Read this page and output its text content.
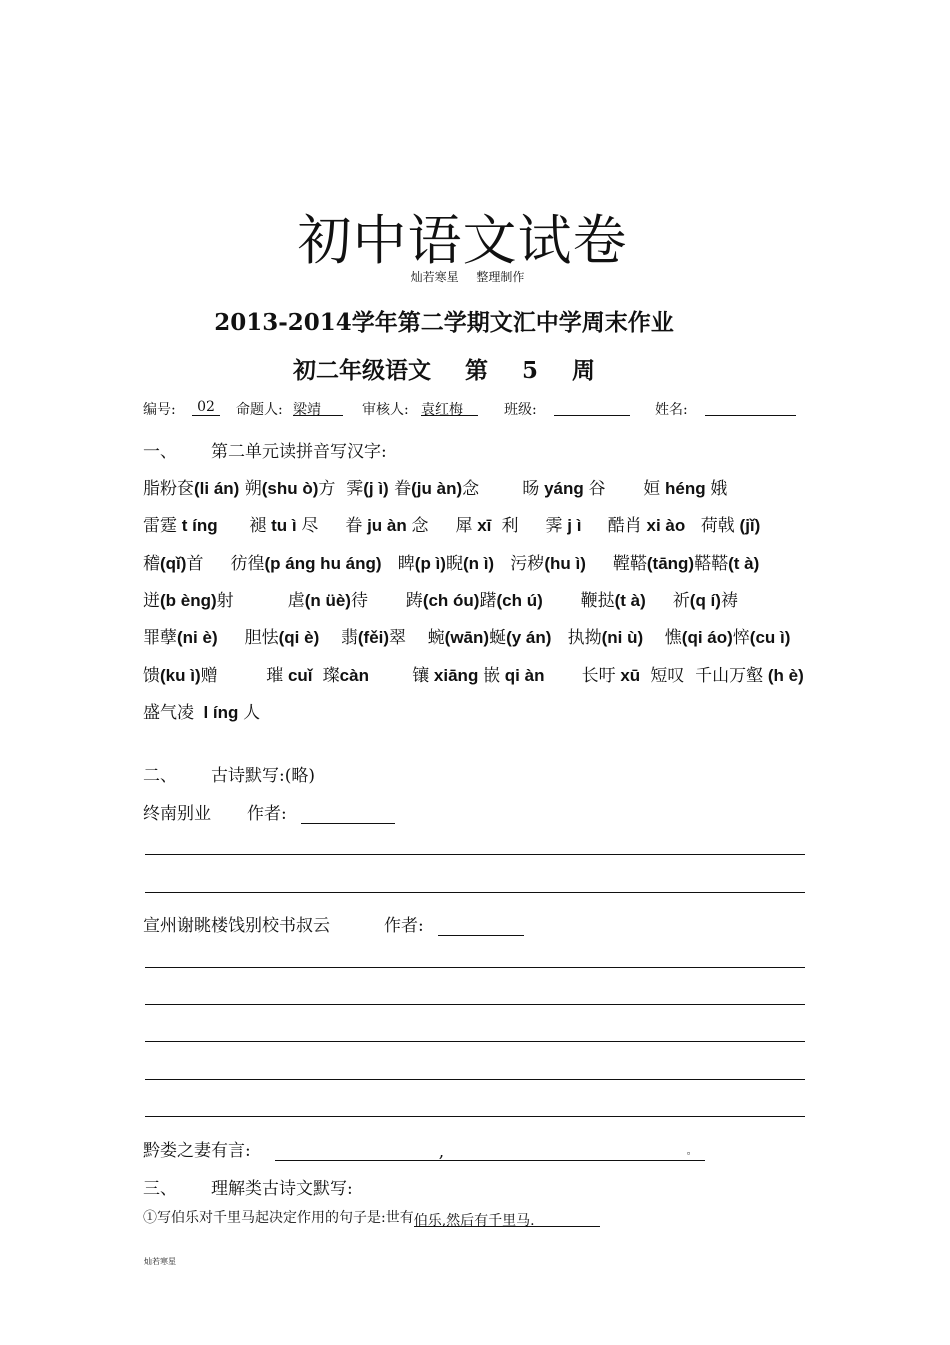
初中语文试卷
灿若寒星 整理制作
2013-2014学年第二学期文汇中学周末作业
初二年级语文 第 5 周
编号:	02	命题人: 梁靖	审核人: 袁红梅	班级:	姓名:
一、 第二单元读拼音写汉字:
脂粉奁(li án) 朔(shu ò)方  霁(j ì) 眷(ju àn)念        旸 yáng 谷       姮 héng 娥
雷霆 t íng      褪 tu ì 尽     眷 ju àn 念     犀 xī  利     霁 j ì     酷肖 xi ào   荷戟 (jǐ)
稽(qǐ)首     彷徨(p áng hu áng)   睥(p ì)睨(n ì)   污秽(hu ì)     鞺鞳(tāng)鞳鞳(t à)
迸(b èng)射          虐(n üè)待       踌(ch óu)躇(ch ú)       鞭挞(t à)     祈(q í)祷
罪孽(ni è)     胆怯(qi è)    翡(fěi)翠    蜿(wān)蜒(y án)   执拗(ni ù)    憔(qi áo)悴(cu ì)
馈(ku ì)赠         璀 cuǐ  璨càn        镶 xiāng 嵌 qi àn       长吁 xū  短叹  千山万壑 (h è)
盛气凌  l íng 人
二、 古诗默写:(略)
终南别业 作者:
宣州谢眺楼饯别校书叔云	作者:
黔娄之妻有言:	,	。
三、 理解类古诗文默写:
①写伯乐对千里马起决定作用的句子是:世有伯乐,然后有千里马.
灿若寒星
